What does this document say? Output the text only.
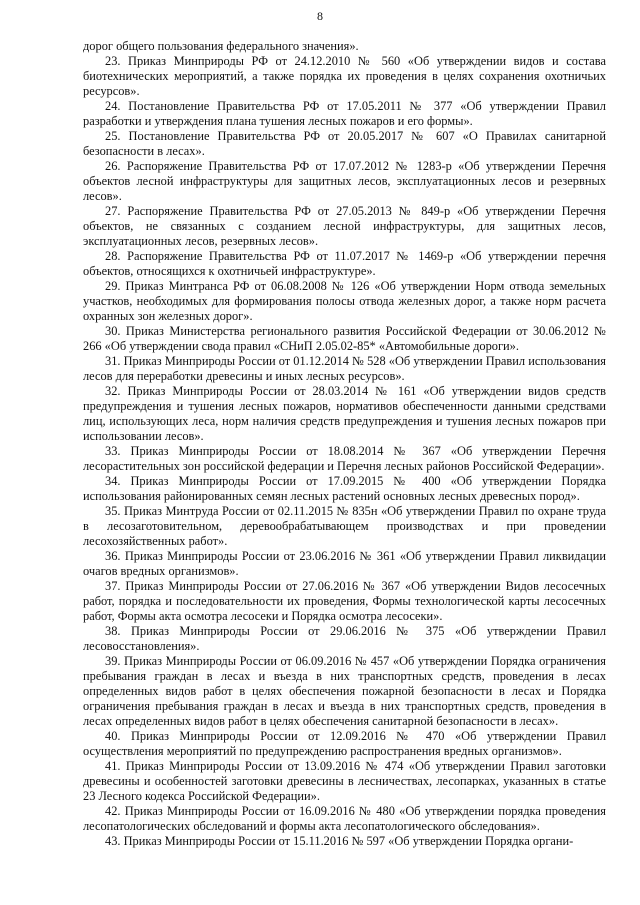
8

дорог общего пользования федерального значения».

23. Приказ Минприроды РФ от 24.12.2010 № 560 «Об утверждении видов и состава биотехнических мероприятий, а также порядка их проведения в целях сохранения охотничьих ресурсов».

24. Постановление Правительства РФ от 17.05.2011 № 377 «Об утверждении Правил разработки и утверждения плана тушения лесных пожаров и его формы».

25. Постановление Правительства РФ от 20.05.2017 № 607 «О Правилах санитарной безопасности в лесах».

26. Распоряжение Правительства РФ от 17.07.2012 № 1283-р «Об утверждении Перечня объектов лесной инфраструктуры для защитных лесов, эксплуатационных лесов и резервных лесов».

27. Распоряжение Правительства РФ от 27.05.2013 № 849-р «Об утверждении Перечня объектов, не связанных с созданием лесной инфраструктуры, для защитных лесов, эксплуатационных лесов, резервных лесов».

28. Распоряжение Правительства РФ от 11.07.2017 № 1469-р «Об утверждении перечня объектов, относящихся к охотничьей инфраструктуре».

29. Приказ Минтранса РФ от 06.08.2008 № 126 «Об утверждении Норм отвода земельных участков, необходимых для формирования полосы отвода железных дорог, а также норм расчета охранных зон железных дорог».

30. Приказ Министерства регионального развития Российской Федерации от 30.06.2012 № 266 «Об утверждении свода правил «СНиП 2.05.02-85* «Автомобильные дороги».

31. Приказ Минприроды России от 01.12.2014 № 528 «Об утверждении Правил использования лесов для переработки древесины и иных лесных ресурсов».

32. Приказ Минприроды России от 28.03.2014 № 161 «Об утверждении видов средств предупреждения и тушения лесных пожаров, нормативов обеспеченности данными средствами лиц, использующих леса, норм наличия средств предупреждения и тушения лесных пожаров при использовании лесов».

33. Приказ Минприроды России от 18.08.2014 № 367 «Об утверждении Перечня лесорастительных зон российской федерации и Перечня лесных районов Российской Федерации».

34. Приказ Минприроды России от 17.09.2015 № 400 «Об утверждении Порядка использования районированных семян лесных растений основных лесных древесных пород».

35. Приказ Минтруда России от 02.11.2015 № 835н «Об утверждении Правил по охране труда в лесозаготовительном, деревообрабатывающем производствах и при проведении лесохозяйственных работ».

36. Приказ Минприроды России от 23.06.2016 № 361 «Об утверждении Правил ликвидации очагов вредных организмов».

37. Приказ Минприроды России от 27.06.2016 № 367 «Об утверждении Видов лесосечных работ, порядка и последовательности их проведения, Формы технологической карты лесосечных работ, Формы акта осмотра лесосеки и Порядка осмотра лесосеки».

38. Приказ Минприроды России от 29.06.2016 № 375 «Об утверждении Правил лесовосстановления».

39. Приказ Минприроды России от 06.09.2016 № 457 «Об утверждении Порядка ограничения пребывания граждан в лесах и въезда в них транспортных средств, проведения в лесах определенных видов работ в целях обеспечения пожарной безопасности в лесах и Порядка ограничения пребывания граждан в лесах и въезда в них транспортных средств, проведения в лесах определенных видов работ в целях обеспечения санитарной безопасности в лесах».

40. Приказ Минприроды России от 12.09.2016 № 470 «Об утверждении Правил осуществления мероприятий по предупреждению распространения вредных организмов».

41. Приказ Минприроды России от 13.09.2016 № 474 «Об утверждении Правил заготовки древесины и особенностей заготовки древесины в лесничествах, лесопарках, указанных в статье 23 Лесного кодекса Российской Федерации».

42. Приказ Минприроды России от 16.09.2016 № 480 «Об утверждении порядка проведения лесопатологических обследований и формы акта лесопатологического обследования».

43. Приказ Минприроды России от 15.11.2016 № 597 «Об утверждении Порядка органи-
